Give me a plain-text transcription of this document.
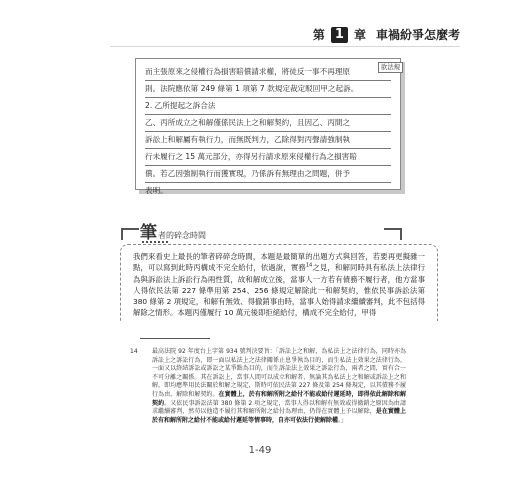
第 1 章 車禍紛爭怎麼考
而主張原來之侵權行為損害賠償請求權，將徒反一事不再理原
則。法院應依第 249 條第 1 項第 7 款規定裁定駁回甲之起訴。
2. 乙所提起之訴合法
乙、丙所成立之和解僅係民法上之和解契約，且因乙、丙間之
訴訟上和解屬有執行力，而無既判力，乙除得對丙聲請強制執
行未履行之 15 萬元部分，亦得另行請求原來侵權行為之損害賠
償。若乙因強制執行而獲實現，乃係訴有無理由之問題，併予
表明。
欲法規
筆 者的碎念時間

我們來看史上最長的筆者碎碎念時間，本題是最簡單的出題方式與回答，若要再更擬雜一點，可以寫到此時丙構成不完全給付，依過說，實務$^{14}$之見，和解同時具有私法上法律行為與訴訟法上訴訟行為兩性質，故和解成立後，當事人一方若有債務不履行者，他方當事人得依民法第 227 條準用第 254、256 條規定解除此一和解契約，惟依民事訴訟法第 380 條第 2 項規定，和解有無效、得撤銷事由時，當事人始得請求繼續審判，此不包括得解除之情形。本題丙僅履行 10 萬元後即拒絕給付，構成不完全給付，甲得

14	最高法院 92 年度台上字第 934 號判決要旨：「訴訟上之和解，為私法上之法律行為，同時亦為訴訟上之訴訟行為，即一面以私法上之法律關係止息爭執為目的，而生私法上效果之法律行為，一面又以終結訴訟或訴訟之某爭點為目的，而生訴訟法上效果之訴訟行為，兩者之間，實有合一不可分離之關係。其在訴訟上，當事人間可以成立和解者，無論其為私法上之和解或訴訟上之和解，即均應準用民法關於和解之規定，斯時可依民法第 227 條及第 254 條規定，以其債務不履行為由，解除和解契約。在實體上，於有和解所附之給付不能或給付遲延時，即得依此解除和解契約。又依民事訴訟法第 380 條第 2 項之規定，當事人得以和解有無效或得撤銷之原因為由請求繼續審判，然苟以他造不履行其和解所附之給付為理由，仍得在實體上予以解除，是在實體上於有和解所附之給付不能或給付遲延等情事時，自亦可依法行使解除權。」
1-49
